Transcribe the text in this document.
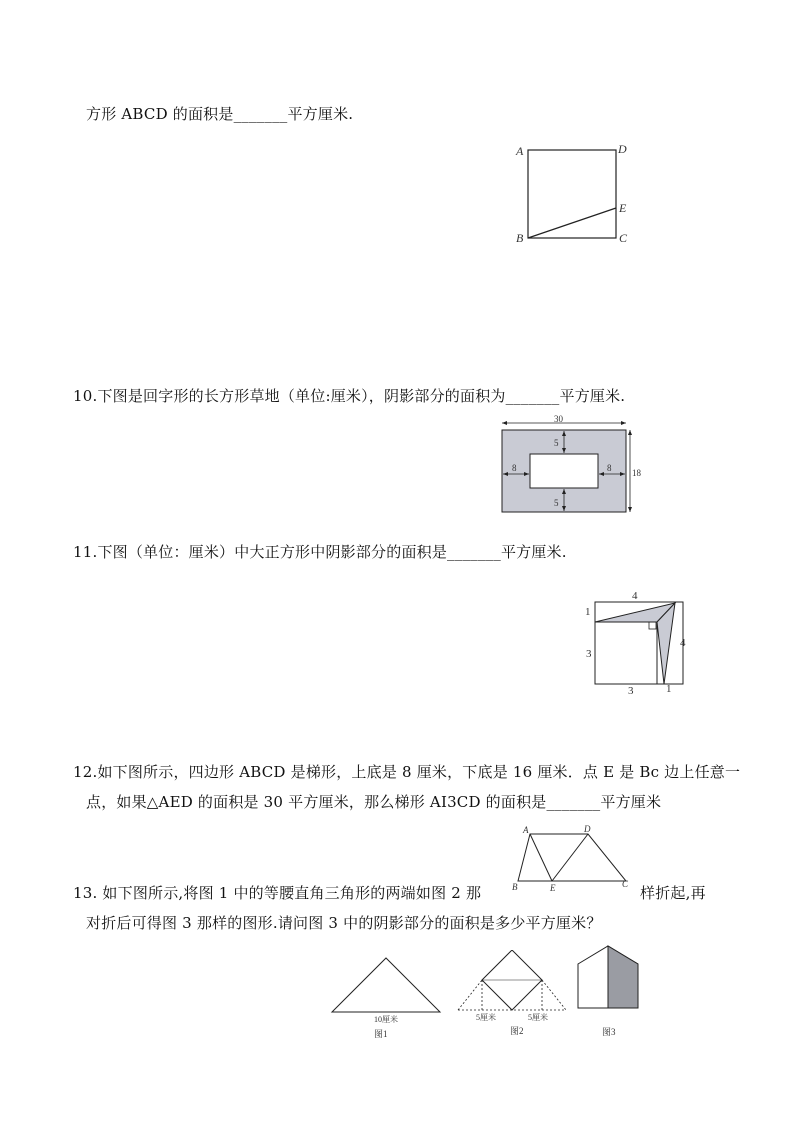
方形 ABCD 的面积是_______平方厘米.
A	D
E
B	C
10.下图是回字形的长方形草地（单位:厘米），阴影部分的面积为_______平方厘米.
30
5
8	8
5
18
11.下图（单位：厘米）中大正方形中阴影部分的面积是_______平方厘米.
4
1
3
4
3	1
12.如下图所示，四边形 ABCD 是梯形，上底是 8 厘米，下底是 16 厘米．点 E 是 Bc 边上任意一
点，如果△AED 的面积是 30 平方厘米，那么梯形 AI3CD 的面积是_______平方厘米
A	D
B	E	C
13. 如下图所示,将图 1 中的等腰直角三角形的两端如图 2 那	样折起,再
对折后可得图 3 那样的图形.请问图 3 中的阴影部分的面积是多少平方厘米？
10厘米
图1
5厘米	5厘米
图2	图3
